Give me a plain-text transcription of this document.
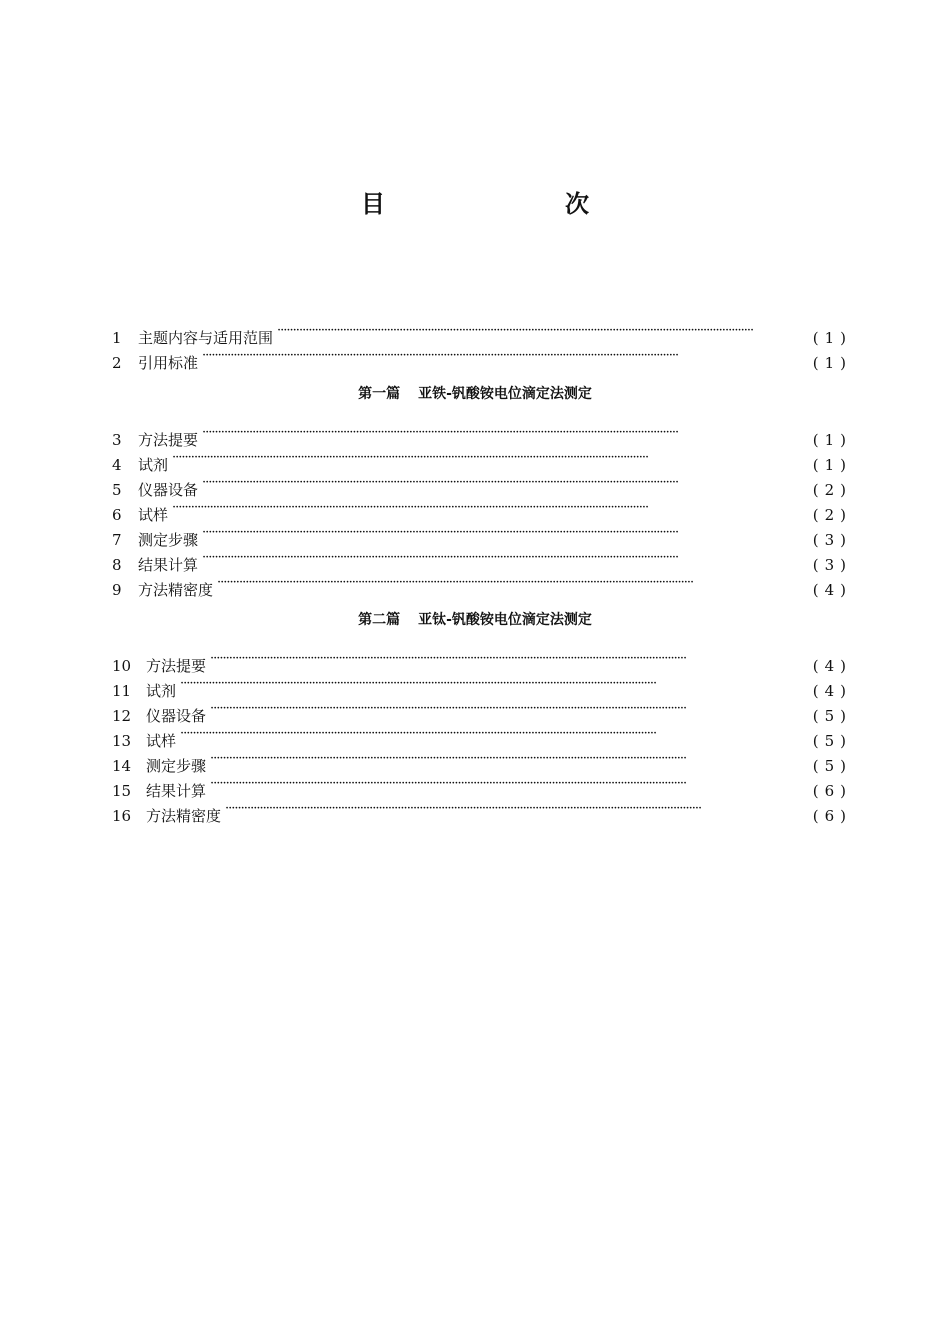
目　次
1	主题内容与适用范围 ·····	(1)
2	引用标准 ·····	(1)
3	方法提要 ·····	(1)
4	试剂 ·····	(1)
5	仪器设备 ·····	(2)
6	试样 ·····	(2)
7	测定步骤 ·····	(3)
8	结果计算 ·····	(3)
9	方法精密度 ·····	(4)
10 方法提要 ·····	(4)
11 试剂 ·····	(4)
12 仪器设备 ·····	(5)
13 试样 ·····	(5)
14 测定步骤 ·····	(5)
15 结果计算 ·····	(6)
16 方法精密度 ·····	(6)
第一篇 亚铁-钒酸铵电位滴定法测定
第二篇 亚钛-钒酸铵电位滴定法测定
